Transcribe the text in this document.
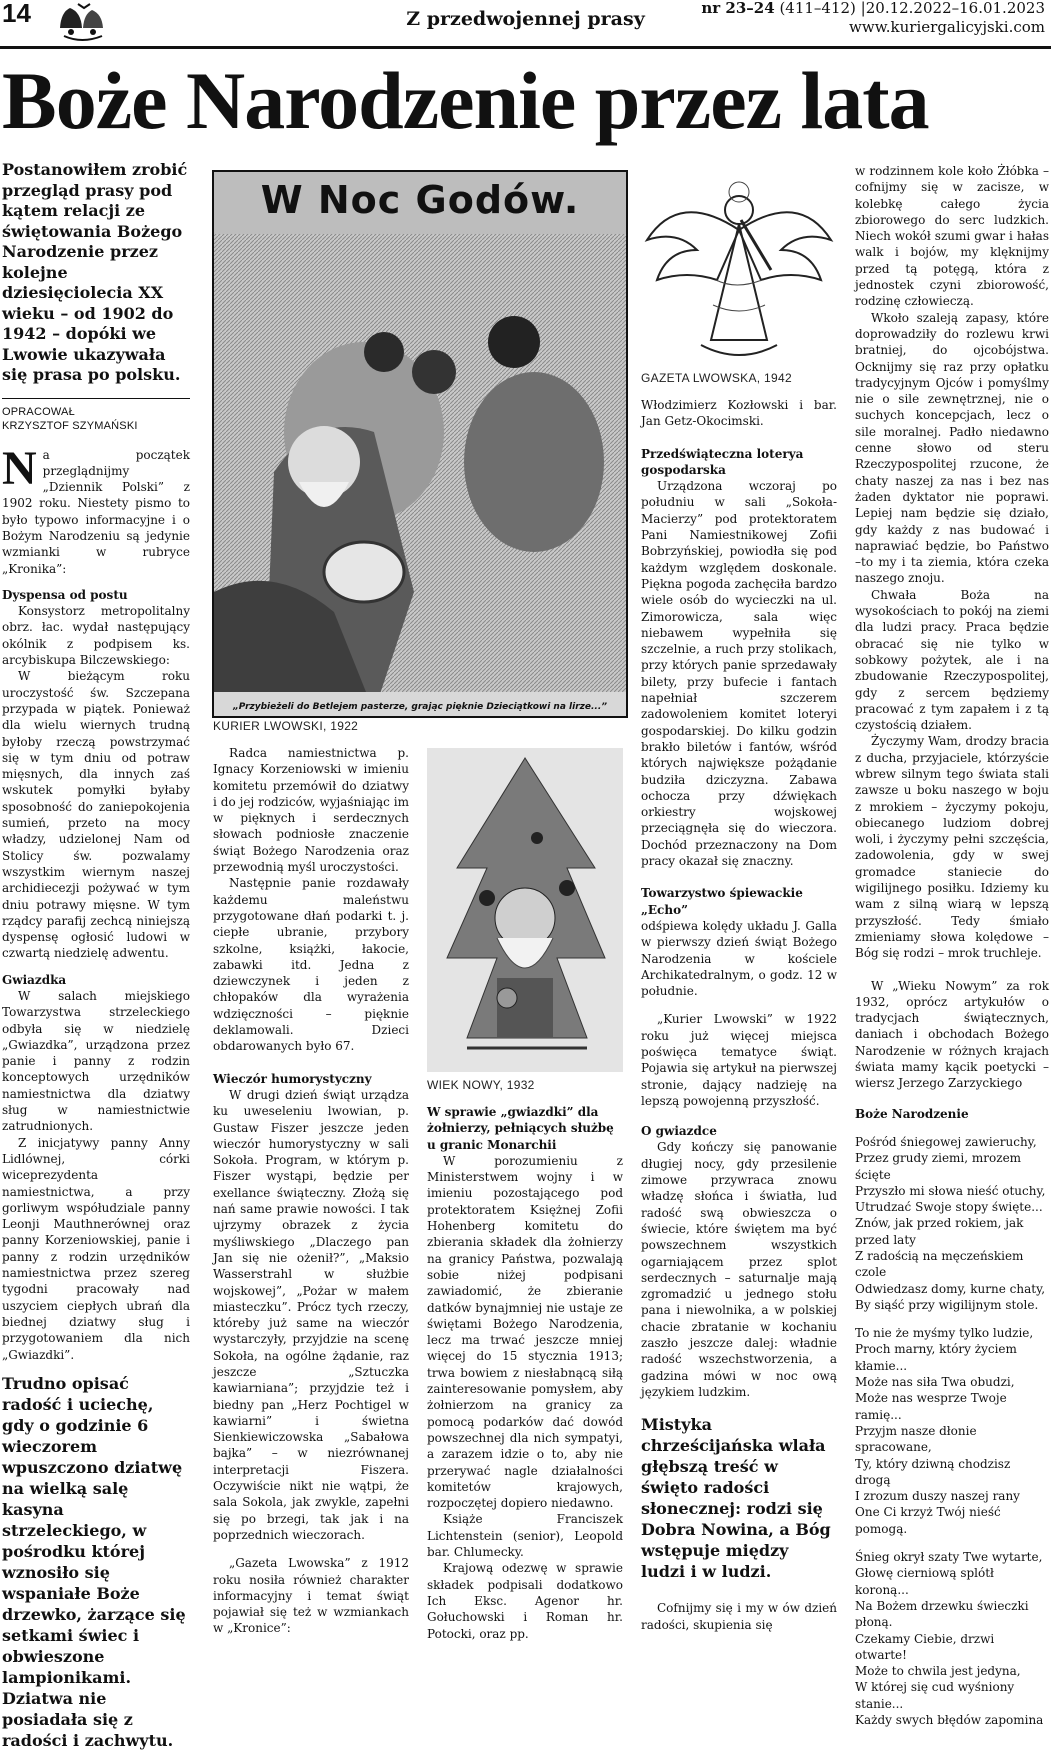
14	Z przedwojennej prasy	nr 23–24 (411–412) |20.12.2022–16.01.2023
www.kuriergalicyjski.com
Boże Narodzenie przez lata
Postanowiłem zrobić przegląd prasy pod kątem relacji ze świętowania Bożego Narodzenie przez kolejne dziesięciolecia XX wieku – od 1902 do 1942 – dopóki we Lwowie ukazywała się prasa po polsku.
OPRACOWAŁ
KRZYSZTOF SZYMAŃSKI
N a początek przeglądnijmy „Dziennik Polski” z 1902 roku. Niestety pismo to było typowo informacyjne i o Bożym Narodzeniu są jedynie wzmianki w rubryce „Kronika”:

Dyspensa od postu

Konsystorz metropolitalny obrz. łac. wydał następujący okólnik z podpisem ks. arcybiskupa Bilczewskiego:

W bieżącym roku uroczystość św. Szczepana przypada w piątek. Ponieważ dla wielu wiernych trudną byłoby rzeczą powstrzymać się w tym dniu od potraw mięsnych, dla innych zaś wskutek pomyłki byłaby sposobność do zaniepokojenia sumień, przeto na mocy władzy, udzielonej Nam od Stolicy św. pozwalamy wszystkim wiernym naszej archidiecezji pożywać w tym dniu potrawy mięsne. W tym rządcy parafij zechcą niniejszą dyspensę ogłosić ludowi w czwartą niedzielę adwentu.

Gwiazdka

W salach miejskiego Towarzystwa strzeleckiego odbyła się w niedzielę „Gwiazdka”, urządzona przez panie i panny z rodzin konceptowych urzędników namiestnictwa dla dziatwy sług w namiestnictwie zatrudnionych.

Z inicjatywy panny Anny Lidlównej, córki wiceprezydenta namiestnictwa, a przy gorliwym współudziale panny Leonji Mauthnerównej oraz panny Korzeniowskiej, panie i panny z rodzin urzędników namiestnictwa przez szereg tygodni pracowały nad uszyciem ciepłych ubrań dla biednej dziatwy sług i przygotowaniem dla nich „Gwiazdki”.

Trudno opisać radość i uciechę, gdy o godzinie 6 wieczorem wpuszczono dziatwę na wielką salę kasyna strzeleckiego, w pośrodku której wznosiło się wspaniałe Boże drzewko, żarzące się setkami świec i obwieszone lampionikami. Dziatwa nie posiadała się z radości i zachwytu.
W Noc Godów.
„Przybieżeli do Betlejem pasterze, grając pięknie Dzieciątkowi na lirze...”
KURIER LWOWSKI, 1922

Radca namiestnictwa p. Ignacy Korzeniowski w imieniu komitetu przemówił do dziatwy i do jej rodziców, wyjaśniając im w pięknych i serdecznych słowach podniosłe znaczenie świąt Bożego Narodzenia oraz przewodnią myśl uroczystości.

Następnie panie rozdawały każdemu maleństwu przygotowane dłań podarki t. j. ciepłe ubranie, przybory szkolne, książki, łakocie, zabawki itd. Jedna z dziewczynek i jeden z chłopaków dla wyrażenia wdzięczności – pięknie deklamowali. Dzieci obdarowanych było 67.

Wieczór humorystyczny

W drugi dzień świąt urządza ku uweseleniu lwowian, p. Gustaw Fiszer jeszcze jeden wieczór humorystyczny w sali Sokoła. Program, w którym p. Fiszer wystąpi, będzie per exellance świąteczny. Złożą się nań same prawie nowości. I tak ujrzymy obrazek z życia myśliwskiego „Dlaczego pan Jan się nie ożenił?”, „Maksio Wasserstrahl w służbie wojskowej”, „Pożar w małem miasteczku”. Prócz tych rzeczy, któreby już same na wieczór wystarczyły, przyjdzie na scenę Sokoła, na ogólne żądanie, raz jeszcze „Sztuczka kawiarniana”; przyjdzie też i biedny pan „Herz Pochtigel w kawiarni” i świetna Sienkiewiczowska „Sabałowa bajka” – w niezrównanej interpretacji Fiszera. Oczywiście nikt nie wątpi, że sala Sokola, jak zwykle, zapełni się po brzegi, tak jak i na poprzednich wieczorach.

„Gazeta Lwowska” z 1912 roku nosiła również charakter informacyjny i temat świąt pojawiał się też w wzmiankach w „Kronice”:

WIEK NOWY, 1932
W sprawie „gwiazdki” dla żołnierzy, pełniących służbę u granic Monarchii

W porozumieniu z Ministerstwem wojny i w imieniu pozostającego pod protektoratem Księżnej Zofii Hohenberg komitetu do zbierania składek dla żołnierzy na granicy Państwa, pozwalają sobie niżej podpisani zawiadomić, że zbieranie datków bynajmniej nie ustaje ze świętami Bożego Narodzenia, lecz ma trwać jeszcze mniej więcej do 15 stycznia 1913; trwa bowiem z niesłabnącą siłą zainteresowanie pomysłem, aby żołnierzom na granicy za pomocą podarków dać dowód powszechnej dla nich sympatyi, a zarazem idzie o to, aby nie przerywać nagle działalności komitetów krajowych, rozpoczętej dopiero niedawno.

Książe Franciszek Lichtenstein (senior), Leopold bar. Chlumecky.

Krajową odezwę w sprawie składek podpisali dodatkowo Ich Eksc. Agenor hr. Gołuchowski i Roman hr. Potocki, oraz pp.

GAZETA LWOWSKA, 1942

Włodzimierz Kozłowski i bar. Jan Getz-Okocimski.

Przedświąteczna loterya gospodarska

Urządzona wczoraj po południu w sali „Sokoła-Macierzy” pod protektoratem Pani Namiestnikowej Zofii Bobrzyńskiej, powiodła się pod każdym względem doskonale. Piękna pogoda zachęciła bardzo wiele osób do wycieczki na ul. Zimorowicza, sala więc niebawem wypełniła się szczelnie, a ruch przy stolikach, przy których panie sprzedawały bilety, przy bufecie i fantach napełniał szczerem zadowoleniem komitet loteryi gospodarskiej. Do kilku godzin brakło biletów i fantów, wśród których największe pożądanie budziła dziczyzna. Zabawa ochocza przy dźwiękach orkiestry wojskowej przeciągnęła się do wieczora. Dochód przeznaczony na Dom pracy okazał się znaczny.

Towarzystwo śpiewackie „Echo”

odśpiewa kolędy układu J. Galla w pierwszy dzień świąt Bożego Narodzenia w kościele Archikatedralnym, o godz. 12 w południe.

„Kurier Lwowski” w 1922 roku już więcej miejsca poświęca tematyce świąt. Pojawia się artykuł na pierwszej stronie, dający nadzieję na lepszą powojenną przyszłość.

O gwiazdce

Gdy kończy się panowanie długiej nocy, gdy przesilenie zimowe przywraca znowu władzę słońca i światła, lud radość swą obwieszcza o świecie, które świętem ma być powszechnem wszystkich ogarniającem przez splot serdecznych – saturnalje mają zgromadzić u jednego stołu pana i niewolnika, a w polskiej chacie zbratanie w kochaniu zaszło jeszcze dalej: władnie radość wszechstworzenia, a gadzina mówi w noc ową językiem ludzkim.

Mistyka chrześcijańska wlała głębszą treść w święto radości słonecznej: rodzi się Dobra Nowina, a Bóg wstępuje między ludzi i w ludzi.

Cofnijmy się i my w ów dzień radości, skupienia się

w rodzinnem kole koło Żłóbka – cofnijmy się w zacisze, w kolebkę całego życia zbiorowego do serc ludzkich. Niech wokół szumi gwar i hałas walk i bojów, my klęknijmy przed tą potęgą, która z jednostek czyni zbiorowość, rodzinę człowieczą.

Wkoło szaleją zapasy, które doprowadziły do rozlewu krwi bratniej, do ojcobójstwa. Ocknijmy się raz przy opłatku tradycyjnym Ojców i pomyślmy nie o sile zewnętrznej, nie o suchych koncepcjach, lecz o sile moralnej. Padło niedawno cenne słowo od steru Rzeczypospolitej rzucone, że chaty naszej za nas i bez nas żaden dyktator nie poprawi. Lepiej nam będzie się działo, gdy każdy z nas budować i naprawiać będzie, bo Państwo –to my i ta ziemia, która czeka naszego znoju.

Chwała Boża na wysokościach to pokój na ziemi dla ludzi pracy. Praca będzie obracać się nie tylko w sobkowy pożytek, ale i na zbudowanie Rzeczypospolitej, gdy z sercem będziemy pracować z tym zapałem i z tą czystością działem.

Życzymy Wam, drodzy bracia z ducha, przyjaciele, którzyście wbrew silnym tego świata stali zawsze u boku naszego w boju z mrokiem – życzymy pokoju, obiecanego ludziom dobrej woli, i życzymy pełni szczęścia, zadowolenia, gdy w swej gromadce staniecie do wigilijnego posiłku. Idziemy ku wam z silną wiarą w lepszą przyszłość. Tedy śmiało zmieniamy słowa kolędowe – Bóg się rodzi – mrok truchleje.

W „Wieku Nowym” za rok 1932, oprócz artykułów o tradycjach świątecznych, daniach i obchodach Bożego Narodzenie w różnych krajach świata mamy kącik poetycki – wiersz Jerzego Zarzyckiego

Boże Narodzenie

Pośród śniegowej zawieruchy,

Przez grudy ziemi, mrozem ścięte

Przyszło mi słowa nieść otuchy,

Utrudzać Swoje stopy święte...

Znów, jak przed rokiem, jak

przed laty

Z radością na męczeńskiem czole

Odwiedzasz domy, kurne chaty,

By siąść przy wigilijnym stole.

To nie że myśmy tylko ludzie,

Proch marny, który życiem

kłamie...

Może nas siła Twa obudzi,

Może nas wesprze Twoje ramię...

Przyjm nasze dłonie spracowane,

Ty, który dziwną chodzisz drogą

I zrozum duszy naszej rany

One Ci krzyż Twój nieść pomogą.

Śnieg okrył szaty Twe wytarte,

Głowę cierniową splótł koroną...

Na Bożem drzewku świeczki

płoną.

Czekamy Ciebie, drzwi otwarte!

Może to chwila jest jedyna,

W której się cud wyśniony

stanie...

Każdy swych błędów zapomina
